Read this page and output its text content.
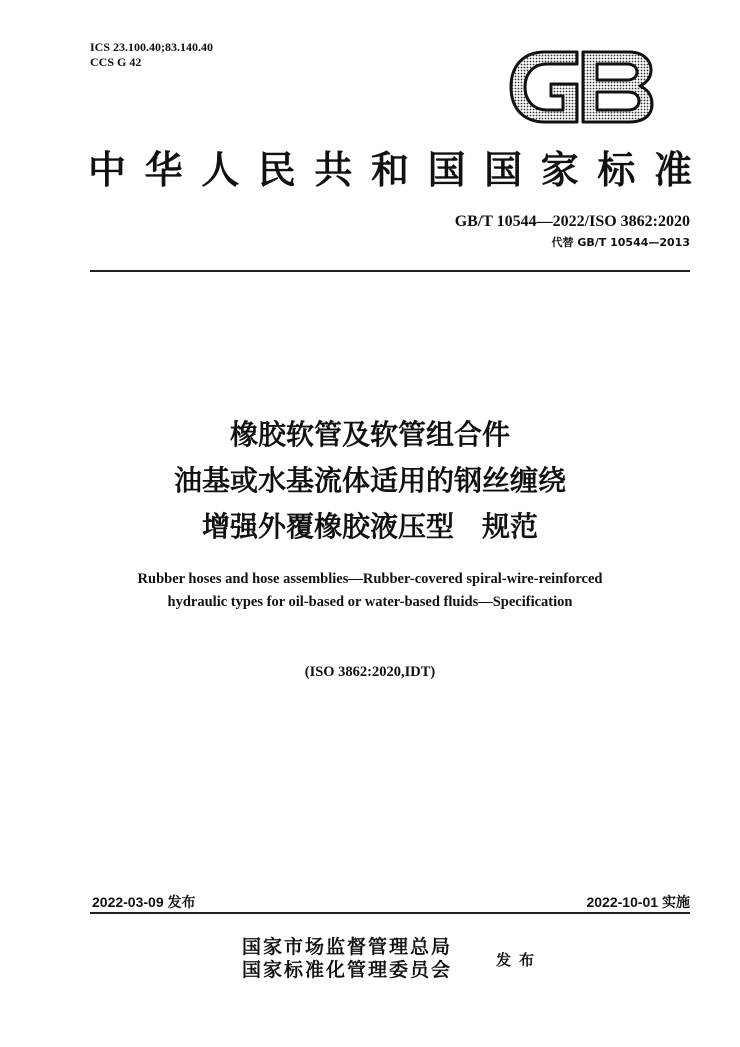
ICS 23.100.40;83.140.40
CCS G 42
GB
中 华 人 民 共 和 国 国 家 标 准
GB/T 10544—2022/ISO 3862:2020
代替 GB/T 10544—2013
橡胶软管及软管组合件
油基或水基流体适用的钢丝缠绕
增强外覆橡胶液压型　规范
Rubber hoses and hose assemblies—Rubber-covered spiral-wire-reinforced
hydraulic types for oil-based or water-based fluids—Specification
(ISO 3862:2020,IDT)
2022-03-09 发布	2022-10-01 实施
国家市场监督管理总局
国家标准化管理委员会	发布
